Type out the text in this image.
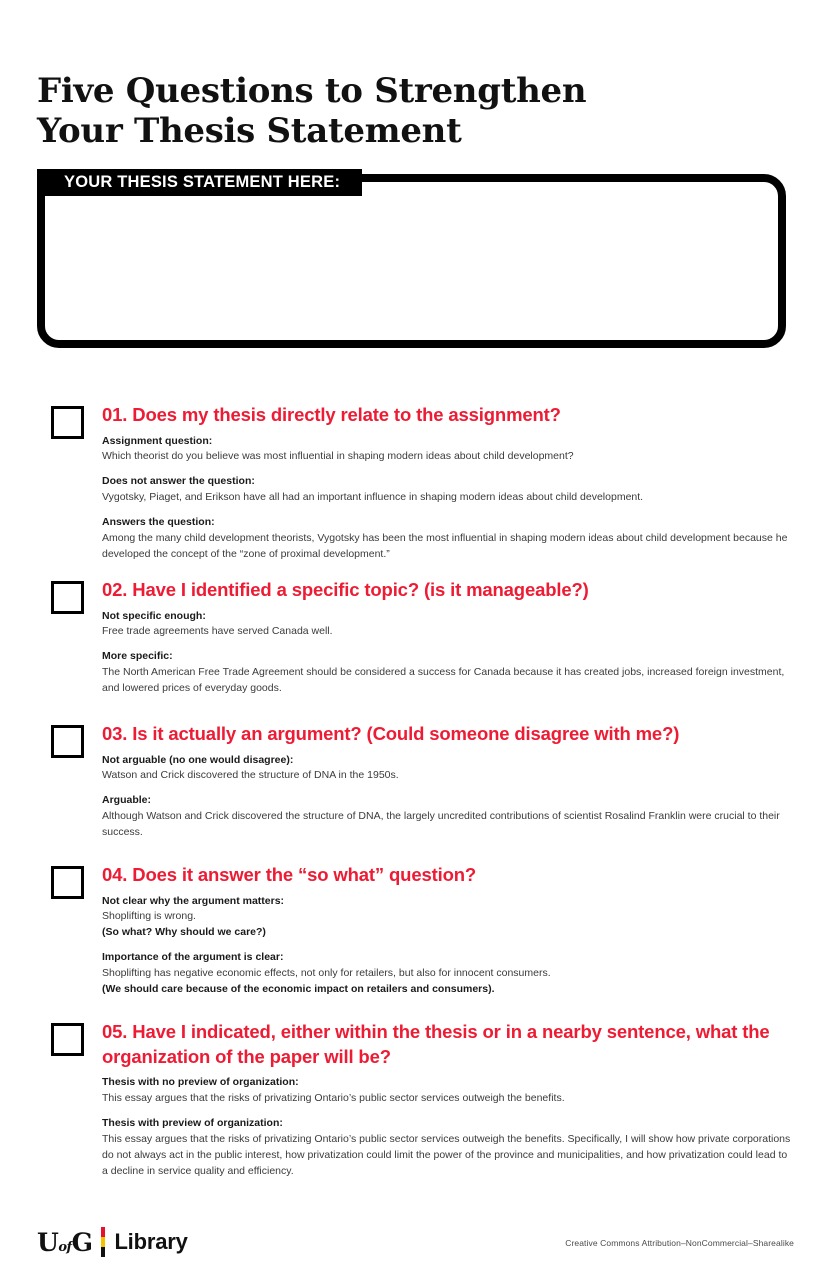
Five Questions to Strengthen
Your Thesis Statement
YOUR THESIS STATEMENT HERE:
01. Does my thesis directly relate to the assignment?

Assignment question:

Which theorist do you believe was most influential in shaping modern ideas about child development?

Does not answer the question:

Vygotsky, Piaget, and Erikson have all had an important influence in shaping modern ideas about child development.

Answers the question:

Among the many child development theorists, Vygotsky has been the most influential in shaping modern ideas about child development because he developed the concept of the “zone of proximal development.”

02. Have I identified a specific topic? (is it manageable?)

Not specific enough:

Free trade agreements have served Canada well.

More specific:

The North American Free Trade Agreement should be considered a success for Canada because it has created jobs, increased foreign investment, and lowered prices of everyday goods.

03. Is it actually an argument? (Could someone disagree with me?)

Not arguable (no one would disagree):

Watson and Crick discovered the structure of DNA in the 1950s.

Arguable:

Although Watson and Crick discovered the structure of DNA, the largely uncredited contributions of scientist Rosalind Franklin were crucial to their success.

04. Does it answer the “so what” question?

Not clear why the argument matters:

Shoplifting is wrong.

(So what? Why should we care?)

Importance of the argument is clear:

Shoplifting has negative economic effects, not only for retailers, but also for innocent consumers.

(We should care because of the economic impact on retailers and consumers).

05. Have I indicated, either within the thesis or in a nearby sentence, what the organization of the paper will be?

Thesis with no preview of organization:

This essay argues that the risks of privatizing Ontario’s public sector services outweigh the benefits.

Thesis with preview of organization:

This essay argues that the risks of privatizing Ontario’s public sector services outweigh the benefits. Specifically, I will show how private corporations do not always act in the public interest, how privatization could limit the power of the province and municipalities, and how privatization could lead to a decline in service quality and efficiency.

UofG Library	Creative Commons Attribution–NonCommercial–Sharealike
